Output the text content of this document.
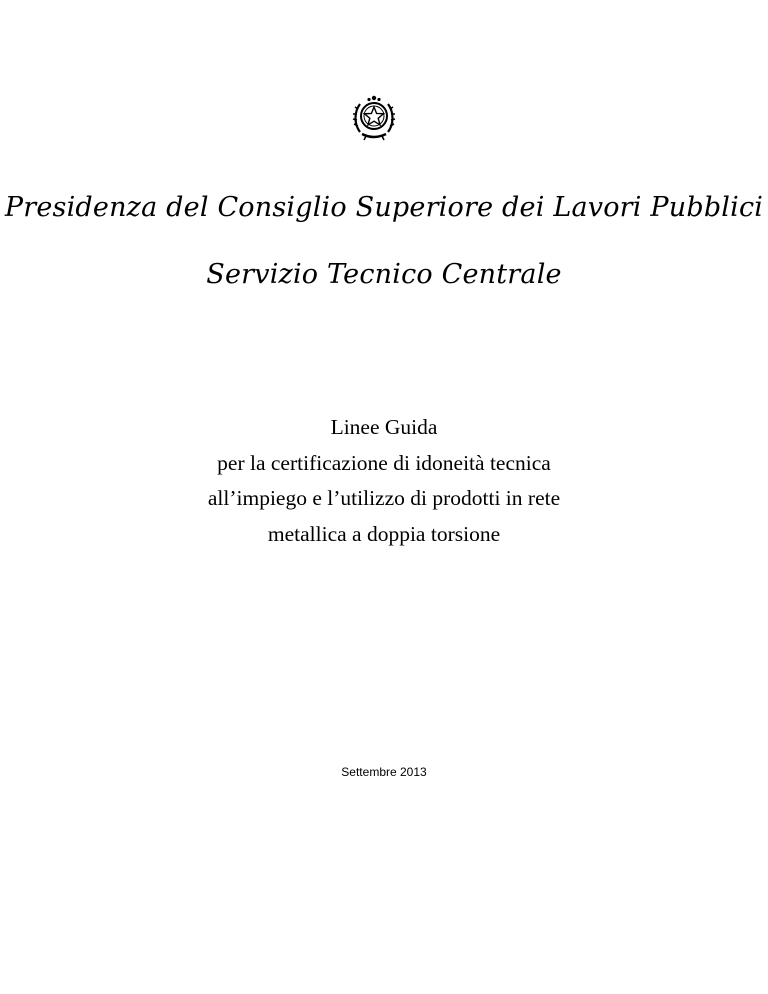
Presidenza del Consiglio Superiore dei Lavori Pubblici
Servizio Tecnico Centrale
Linee Guida
per la certificazione di idoneità tecnica
all’impiego e l’utilizzo di prodotti in rete
metallica a doppia torsione
Settembre 2013
